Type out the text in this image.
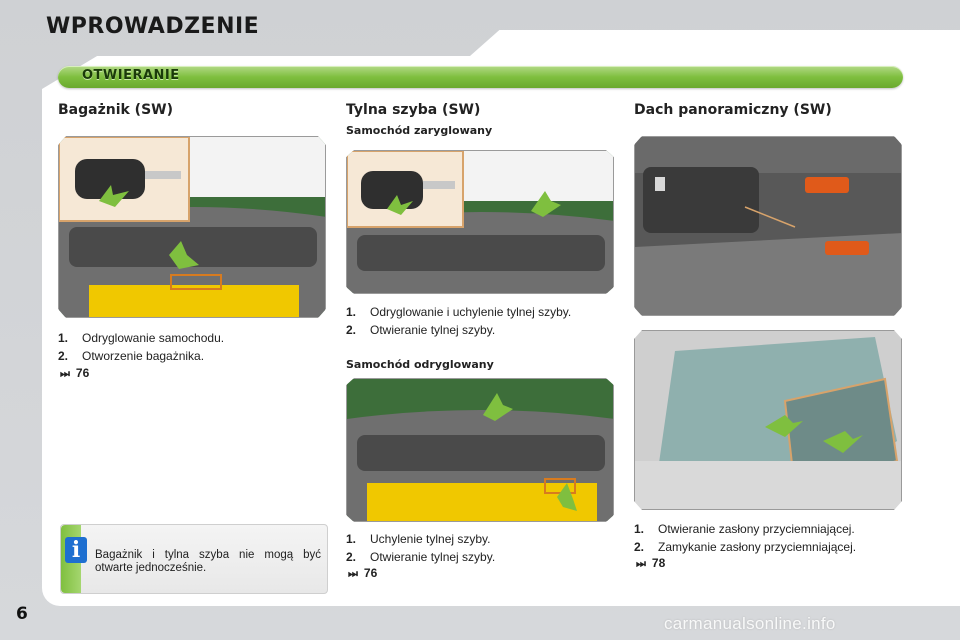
WPROWADZENIE
OTWIERANIE
Bagażnik (SW)
1.	Odryglowanie samochodu.
2.	Otworzenie bagażnika.
⏭ 76
i	Bagażnik i tylna szyba nie mogą być otwarte jednocześnie.
Tylna szyba (SW)
Samochód zaryglowany
1.	Odryglowanie i uchylenie tylnej szyby.
2.	Otwieranie tylnej szyby.
Samochód odryglowany
1.	Uchylenie tylnej szyby.
2.	Otwieranie tylnej szyby.
⏭ 76
Dach panoramiczny (SW)
1.	Otwieranie zasłony przyciemniającej.
2.	Zamykanie zasłony przyciemniającej.
⏭ 78
6	carmanualsonline.info
